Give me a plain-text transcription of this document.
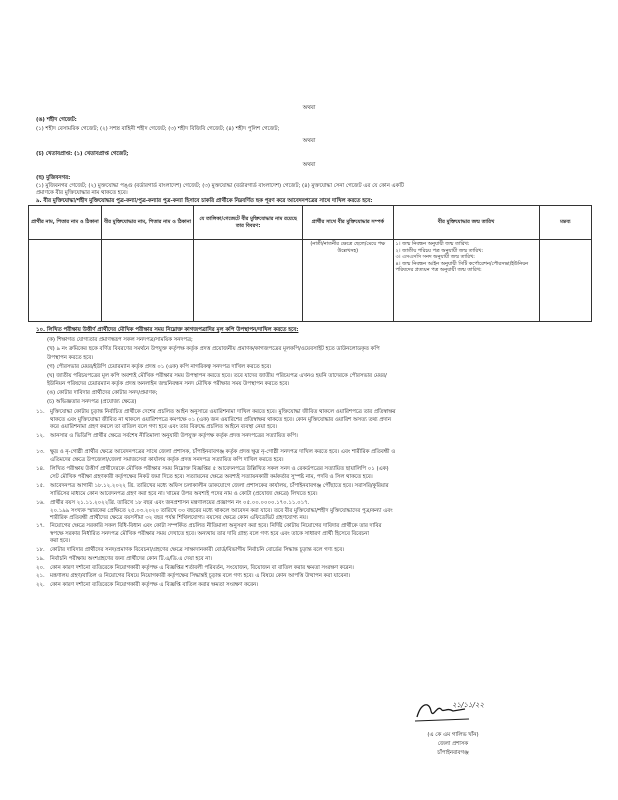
অথবা
(ঙ) শহীদ গেজেট:
(১) শহীদ বেসামরিক গেজেট; (২) সশস্ত্র বাহিনী শহীদ গেজেট; (৩) শহীদ বিজিবি গেজেট; (৪) শহীদ পুলিশ গেজেট;
অথবা
(চ) খেতাবপ্রাপ্ত: (১) খেতাবপ্রাপ্ত গেজেট;
অথবা
(ছ) মুজিবনগর:
(১) মুজিবনগর গেজেট; (২) মুক্তযোদ্ধা পঙ্গু (বর্ডারগার্ড বাংলাদেশ) গেজেট; (৩) মুক্তযোদ্ধা (বর্ডারগার্ড বাংলাদেশ) গেজেট; (৪) মুক্তযোদ্ধা সেনা গেজেট এর যে কোন একটি
প্রমাণকে বীর মুক্তিযোদ্ধার নাম থাকতে হবে।
৯. বীর মুক্তিযোদ্ধা/শহীদ মুক্তিযোদ্ধার পুত্র-কন্যা/পুত্র-কন্যার পুত্র-কন্যা হিসাবে চাকরি প্রার্থীকে নিম্নবর্ণিত ছক পূরণ করে আবেদনপত্রের সাথে দাখিল করতে হবে:
প্রার্থীর নাম, পিতার নাম ও ঠিকানা	বীর মুক্তিযোদ্ধার নাম, পিতার নাম ও ঠিকানা	যে তালিকা/গেজেটে বীর মুক্তিযোদ্ধার নাম রয়েছে তার বিবরণ:	প্রার্থীর সাথে বীর মুক্তিযোদ্ধার সম্পর্ক	বীর মুক্তিযোদ্ধার জন্ম তারিখ	মন্তব্য
			(নাতী/নাতনীর ক্ষেত্রে ছেলে/মেয়ে পক্ষ উল্লেখসহ)	১। জন্ম নিবন্ধন অনুযায়ী জন্ম তারিখ:
২। জাতীয় পরিচয় পত্র অনুযায়ী জন্ম তারিখ:
৩। এসএসসি সনদ অনুযায়ী জন্ম তারিখ:
৪। জন্ম নিবন্ধন আইন অনুযায়ী সিটি কর্পোরেশন/পৌরসভা/ইউনিয়ন পরিষদের প্রত্যয়ন পত্র অনুযায়ী জন্ম তারিখ:	

১০. লিখিত পরীক্ষায় উত্তীর্ণ প্রার্থীদের মৌখিক পরীক্ষার সময় নিম্নোক্ত কাগজপত্রাদির মূল কপি উপস্থাপন/দাখিল করতে হবে:
(ক) শিক্ষাগত যোগ্যতার প্রমাণস্বরূপ সকল সনদপত্র/সাময়িক সনদপত্র;
(খ) ৯ নং ক্রমিকের ছকে বর্ণিত বিবরণের সমর্থনে উপযুক্ত কর্তৃপক্ষ কর্তৃক প্রদত্ত প্রয়োজনীয় প্রমাণক/কাগজপত্রের মূলকপি/ওয়েবসাইট হতে ডাউনলোডকৃত কপি
উপস্থাপন করতে হবে।
(গ) পৌরসভার মেয়র/ইউপি চেয়ারম্যান কর্তৃক প্রদত্ত ০১ (এক) কপি নাগরিকত্ব সনদপত্র দাখিল করতে হবে।
(ঘ) জাতীয় পরিচয়পত্রের মূল কপি অবশ্যই মৌখিক পরীক্ষার সময় উপস্থাপন করতে হবে। তবে যাদের জাতীয় পরিচয়পত্র এখনও হয়নি তাদেরকে পৌরসভার মেয়র/
ইউনিয়ন পরিষদের চেয়ারম্যান কর্তৃক প্রদত্ত অনলাইন জন্মনিবন্ধন সনদ মৌখিক পরীক্ষার সময় উপস্থাপন করতে হবে।
(ঙ) কোটার দাবিদার প্রার্থীদের কোটার সনদ/প্রমাণক;
(চ) অভিজ্ঞতার সনদপত্র (প্রযোজ্য ক্ষেত্রে)
১১. মুক্তিযোদ্ধা কোটায় চূড়ান্ত নির্বাচিত প্রার্থীকে দেশের প্রচলিত আইন অনুসারে ওয়ারিশনামা দাখিল করতে হবে। মুক্তিযোদ্ধা জীবিত থাকলে ওয়ারিশপত্রে তার প্রতিস্বাক্ষর
থাকতে এবং মুক্তিযোদ্ধা জীবিত না থাকলে ওয়ারিশপত্রে কমপক্ষে ০১ (এক) জন ওয়ারিশের প্রতিস্বাক্ষর থাকতে হবে। কোন মুক্তিযোদ্ধার ওয়ারিশ অসত্য তথ্য প্রদান
করে ওয়ারিশনামা গ্রহণ করলে তা বাতিল বলে গণ্য হবে এবং তার বিরুদ্ধে প্রচলিত আইনে ব্যবস্থা নেয়া হবে।
১২. আনসার ও ভিডিপি প্রার্থীর ক্ষেত্রে সর্বশেষ নীতিমালা অনুযায়ী উপযুক্ত কর্তৃপক্ষ কর্তৃক প্রদত্ত সনদপত্রের সত্যায়িত কপি।
১৩. ক্ষুদ্র ও নৃ-গোষ্ঠী প্রার্থীর ক্ষেত্রে আবেদনপত্রের সাথে জেলা প্রশাসক, চাঁপাইনবাবগঞ্জ কর্তৃক প্রদত্ত ক্ষুদ্র নৃ-গোষ্ঠী সনদপত্র দাখিল করতে হবে। এবং শারীরিক প্রতিবন্ধী ও
এতিমদের ক্ষেত্রে উপজেলা/জেলা সমাজসেবা কার্যালয় কর্তৃক প্রদত্ত সনদপত্র সত্যায়িত কপি দাখিল করতে হবে।
১৪. লিখিত পরীক্ষায় উত্তীর্ণ প্রার্থীদেরকে মৌখিক পরীক্ষার সময় নিম্নোক্ত বিজ্ঞপ্তির ৫ আবেদনপত্রে উল্লিখিত সকল সনদ ও রেকর্ডপত্রের সত্যায়িত ছায়ালিপি ০১ (এক)
সেট মৌখিক পরীক্ষা গ্রহণকারী কর্তৃপক্ষের নিকট জমা দিতে হবে। সত্যায়নের ক্ষেত্রে অবশ্যই সত্যায়নকারী কর্মকর্তার সুস্পষ্ট নাম, পদবি ও সিল থাকতে হবে।
১৫. আবেদনপত্র আগামী ১৮.১২.২০২২ খ্রি. তারিখের মধ্যে অফিস চলাকালীন ডাকযোগে জেলা প্রশাসকের কার্যালয়, চাঁপাইনবাবগঞ্জ পৌঁছাতে হবে। সরাসরি/কুরিয়ার
সার্ভিসের মাধ্যমে কোন আবেদনপত্র গ্রহণ করা হবে না। খামের উপর অবশ্যই পদের নাম ও কোটা (প্রযোজ্য ক্ষেত্রে) লিখতে হবে।
১৬. প্রার্থীর বয়স ২১.১১.২০২২খ্রি. তারিখে ১৮ বছর এবং জনপ্রশাসন মন্ত্রণালয়ের প্রজ্ঞাপন নং ০৫.০০.০০০০.১৭০.১১.০১৭.
২০.১৯৯ সংখ্যক স্মারকের প্রেক্ষিতে ২৫.০৩.২০২০ তারিখে ৩০ বছরের মধ্যে থাকলে আবেদন করা যাবে। তবে বীর মুক্তিযোদ্ধা/শহীদ মুক্তিযোদ্ধাদের পুত্র/কন্যা এবং
শারীরিক প্রতিবন্ধী প্রার্থীদের ক্ষেত্রে বয়সসীমা ৩২ বছর পর্যন্ত শিথিলযোগ্য। বয়সের ক্ষেত্রে কোন এফিডেভিট গ্রহণযোগ্য নয়।
১৭. নিয়োগের ক্ষেত্রে সরকারি সকল বিধি-বিধান এবং কোটা সম্পর্কিত প্রচলিত নীতিমালা অনুসরণ করা হবে। নির্দিষ্ট কোটায় নিয়োগের দাবিদার প্রার্থীকে তার দাবির
স্বপক্ষে সরকার নির্ধারিত সনদপত্র মৌখিক পরীক্ষার সময় দেখাতে হবে। অন্যথায় তার দাবি গ্রাহ্য বলে গণ্য হবে এবং তাকে সাধারণ প্রার্থী হিসেবে বিবেচনা
করা হবে।
১৮. কোটার দাবিদার প্রার্থীদের সনদ/প্রমাণক বিবেচনা/গ্রহণের ক্ষেত্রে সাক্ষ্যদানকারী বোর্ড/বিভাগীয় নির্বাচনি বোর্ডের সিদ্ধান্ত চূড়ান্ত বলে গণ্য হবে।
১৯. নির্বাচনি পরীক্ষায় অংশগ্রহণের জন্য প্রার্থীদের কোন টি.এ/ডি.এ দেয়া হবে না।
২০. কোন কারণ দর্শানো ব্যতিরেকে নিয়োগকারী কর্তৃপক্ষ এ বিজ্ঞপ্তির শর্তাবলী পরিবর্তন, সংযোজন, বিয়োজন বা বাতিল করার ক্ষমতা সংরক্ষণ করেন।
২১. মন্ত্রণালয় গ্রহণ/বাতিল ও নিয়োগের বিষয়ে নিয়োগকারী কর্তৃপক্ষের সিদ্ধান্তই চূড়ান্ত বলে গণ্য হবে। এ বিষয়ে কোন আপত্তি উত্থাপন করা যাবেনা।
২২. কোন কারণ দর্শানো ব্যতিরেকে নিয়োগকারী কর্তৃপক্ষ এ বিজ্ঞপ্তি বাতিল করার ক্ষমতা সংরক্ষণ করেন।
২১/১১/২২
(এ কে এম গালিভ খাঁন)
জেলা প্রশাসক
চাঁপাইনবাবগঞ্জ
